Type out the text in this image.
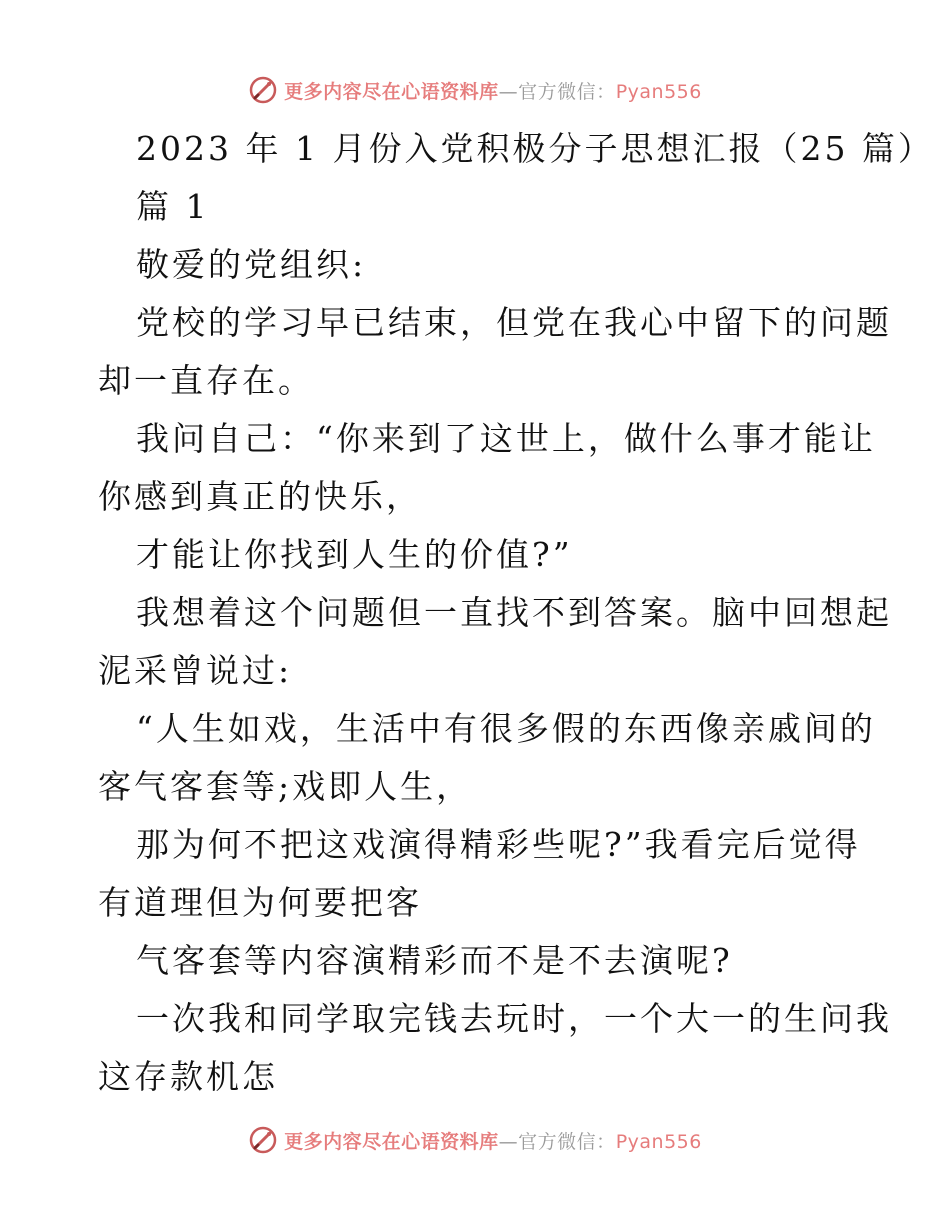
更多内容尽在心语资料库—官方微信：Pyan556

2023 年 1 月份入党积极分子思想汇报（25 篇）

篇 1

敬爱的党组织:

党校的学习早已结束，但党在我心中留下的问题

却一直存在。

我问自己：“你来到了这世上，做什么事才能让

你感到真正的快乐，

才能让你找到人生的价值?”

我想着这个问题但一直找不到答案。脑中回想起

泥采曾说过:

“人生如戏，生活中有很多假的东西像亲戚间的

客气客套等;戏即人生，

那为何不把这戏演得精彩些呢?”我看完后觉得

有道理但为何要把客

气客套等内容演精彩而不是不去演呢?

一次我和同学取完钱去玩时，一个大一的生问我

这存款机怎

更多内容尽在心语资料库—官方微信：Pyan556
